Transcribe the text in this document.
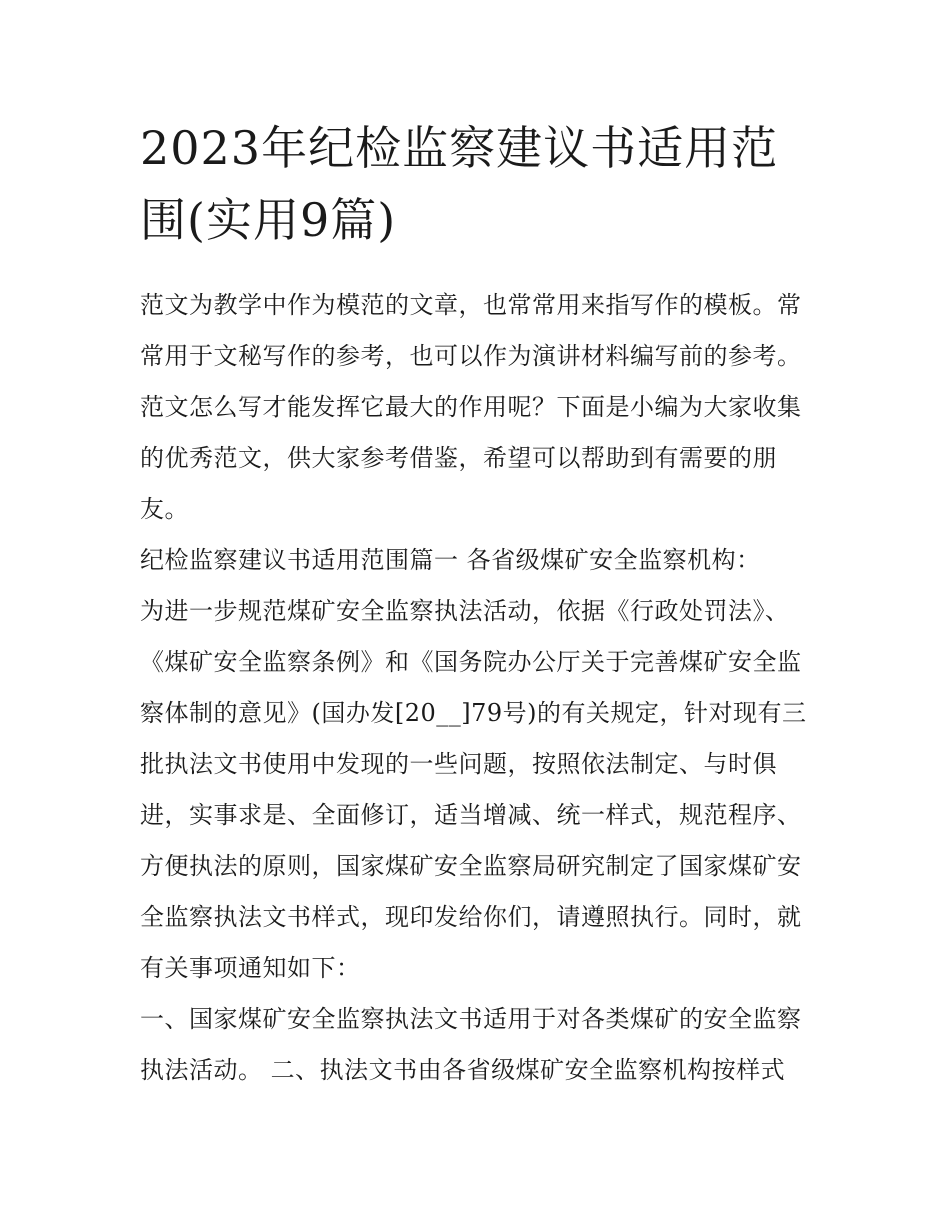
2023年纪检监察建议书适用范围(实用9篇)
范文为教学中作为模范的文章，也常常用来指写作的模板。常常用于文秘写作的参考，也可以作为演讲材料编写前的参考。范文怎么写才能发挥它最大的作用呢？下面是小编为大家收集的优秀范文，供大家参考借鉴，希望可以帮助到有需要的朋友。
纪检监察建议书适用范围篇一 各省级煤矿安全监察机构：
为进一步规范煤矿安全监察执法活动，依据《行政处罚法》、《煤矿安全监察条例》和《国务院办公厅关于完善煤矿安全监察体制的意见》(国办发[20__]79号)的有关规定，针对现有三批执法文书使用中发现的一些问题，按照依法制定、与时俱进，实事求是、全面修订，适当增减、统一样式，规范程序、方便执法的原则，国家煤矿安全监察局研究制定了国家煤矿安全监察执法文书样式，现印发给你们，请遵照执行。同时，就有关事项通知如下：
一、国家煤矿安全监察执法文书适用于对各类煤矿的安全监察执法活动。 二、执法文书由各省级煤矿安全监察机构按样式
